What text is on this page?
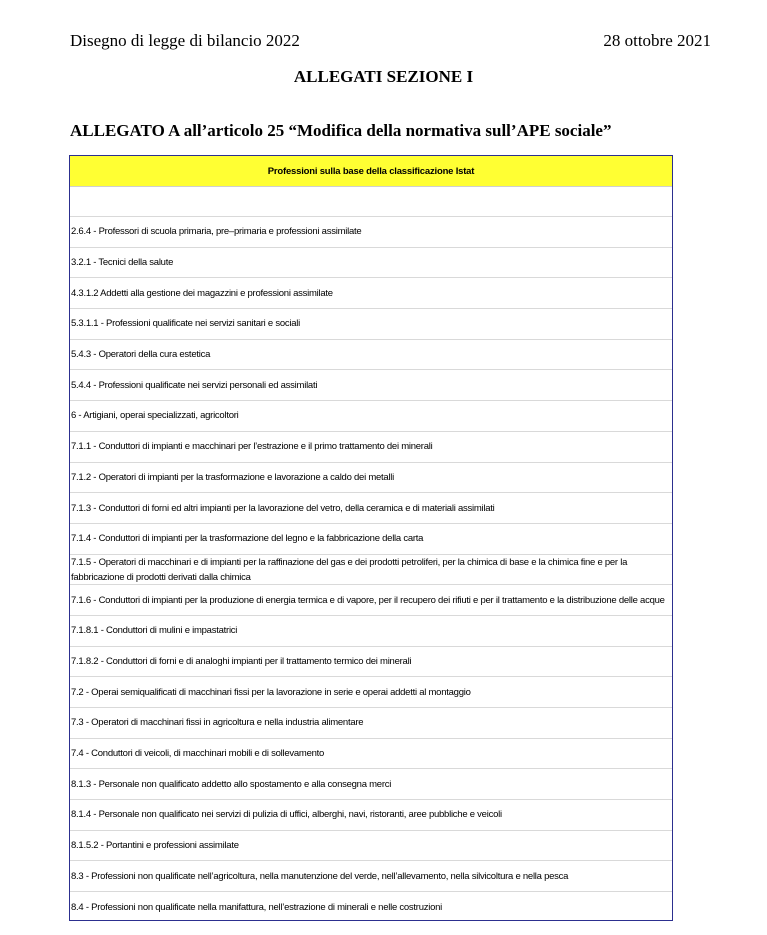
Disegno di legge di bilancio 2022	28 ottobre 2021
ALLEGATI SEZIONE I
ALLEGATO A all’articolo 25 “Modifica della normativa sull’APE sociale”
Professioni sulla base della classificazione Istat
2.6.4 - Professori di scuola primaria, pre–primaria e professioni assimilate
3.2.1 - Tecnici della salute
4.3.1.2 Addetti alla gestione dei magazzini e professioni assimilate
5.3.1.1 - Professioni qualificate nei servizi sanitari e sociali
5.4.3 - Operatori della cura estetica
5.4.4 - Professioni qualificate nei servizi personali ed assimilati
6 - Artigiani, operai specializzati, agricoltori
7.1.1 - Conduttori di impianti e macchinari per l’estrazione e il primo trattamento dei minerali
7.1.2 - Operatori di impianti per la trasformazione e lavorazione a caldo dei metalli
7.1.3 - Conduttori di forni ed altri impianti per la lavorazione del vetro, della ceramica e di materiali assimilati
7.1.4 - Conduttori di impianti per la trasformazione del legno e la fabbricazione della carta
7.1.5 - Operatori di macchinari e di impianti per la raffinazione del gas e dei prodotti petroliferi, per la chimica di base e la chimica fine e per la fabbricazione di prodotti derivati dalla chimica
7.1.6 - Conduttori di impianti per la produzione di energia termica e di vapore, per il recupero dei rifiuti e per il trattamento e la distribuzione delle acque
7.1.8.1 - Conduttori di mulini e impastatrici
7.1.8.2 - Conduttori di forni e di analoghi impianti per il trattamento termico dei minerali
7.2 - Operai semiqualificati di macchinari fissi per la lavorazione in serie e operai addetti al montaggio
7.3 - Operatori di macchinari fissi in agricoltura e nella industria alimentare
7.4 - Conduttori di veicoli, di macchinari mobili e di sollevamento
8.1.3 - Personale non qualificato addetto allo spostamento e alla consegna merci
8.1.4 - Personale non qualificato nei servizi di pulizia di uffici, alberghi, navi, ristoranti, aree pubbliche e veicoli
8.1.5.2 - Portantini e professioni assimilate
8.3 - Professioni non qualificate nell’agricoltura, nella manutenzione del verde, nell’allevamento, nella silvicoltura e nella pesca
8.4 - Professioni non qualificate nella manifattura, nell’estrazione di minerali e nelle costruzioni
